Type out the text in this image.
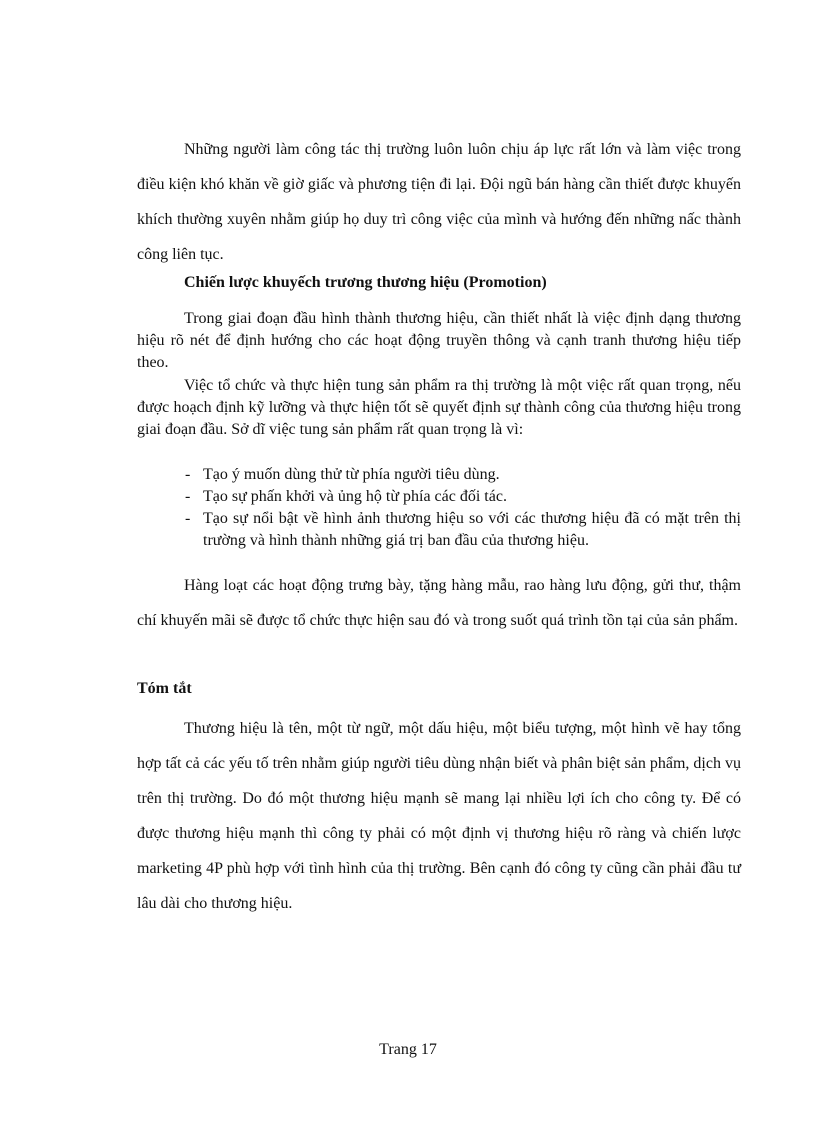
Những người làm công tác thị trường luôn luôn chịu áp lực rất lớn và làm việc trong điều kiện khó khăn về giờ giấc và phương tiện đi lại. Đội ngũ bán hàng cần thiết được khuyến khích thường xuyên nhằm giúp họ duy trì công việc của mình và hướng đến những nấc thành công liên tục.

Chiến lược khuyếch trương thương hiệu (Promotion)

Trong giai đoạn đầu hình thành thương hiệu, cần thiết nhất là việc định dạng thương hiệu rõ nét để định hướng cho các hoạt động truyền thông và cạnh tranh thương hiệu tiếp theo.

Việc tổ chức và thực hiện tung sản phẩm ra thị trường là một việc rất quan trọng, nếu được hoạch định kỹ lưỡng và thực hiện tốt sẽ quyết định sự thành công của thương hiệu trong giai đoạn đầu. Sở dĩ việc tung sản phẩm rất quan trọng là vì:

- Tạo ý muốn dùng thử từ phía người tiêu dùng.
- Tạo sự phấn khởi và ủng hộ từ phía các đối tác.
- Tạo sự nổi bật về hình ảnh thương hiệu so với các thương hiệu đã có mặt trên thị trường và hình thành những giá trị ban đầu của thương hiệu.

Hàng loạt các hoạt động trưng bày, tặng hàng mẫu, rao hàng lưu động, gửi thư, thậm chí khuyến mãi sẽ được tổ chức thực hiện sau đó và trong suốt quá trình tồn tại của sản phẩm.

Tóm tắt

Thương hiệu là tên, một từ ngữ, một dấu hiệu, một biểu tượng, một hình vẽ hay tổng hợp tất cả các yếu tố trên nhằm giúp người tiêu dùng nhận biết và phân biệt sản phẩm, dịch vụ trên thị trường. Do đó một thương hiệu mạnh sẽ mang lại nhiều lợi ích cho công ty. Để có được thương hiệu mạnh thì công ty phải có một định vị thương hiệu rõ ràng và chiến lược marketing 4P phù hợp với tình hình của thị trường. Bên cạnh đó công ty cũng cần phải đầu tư lâu dài cho thương hiệu.

Trang 17
